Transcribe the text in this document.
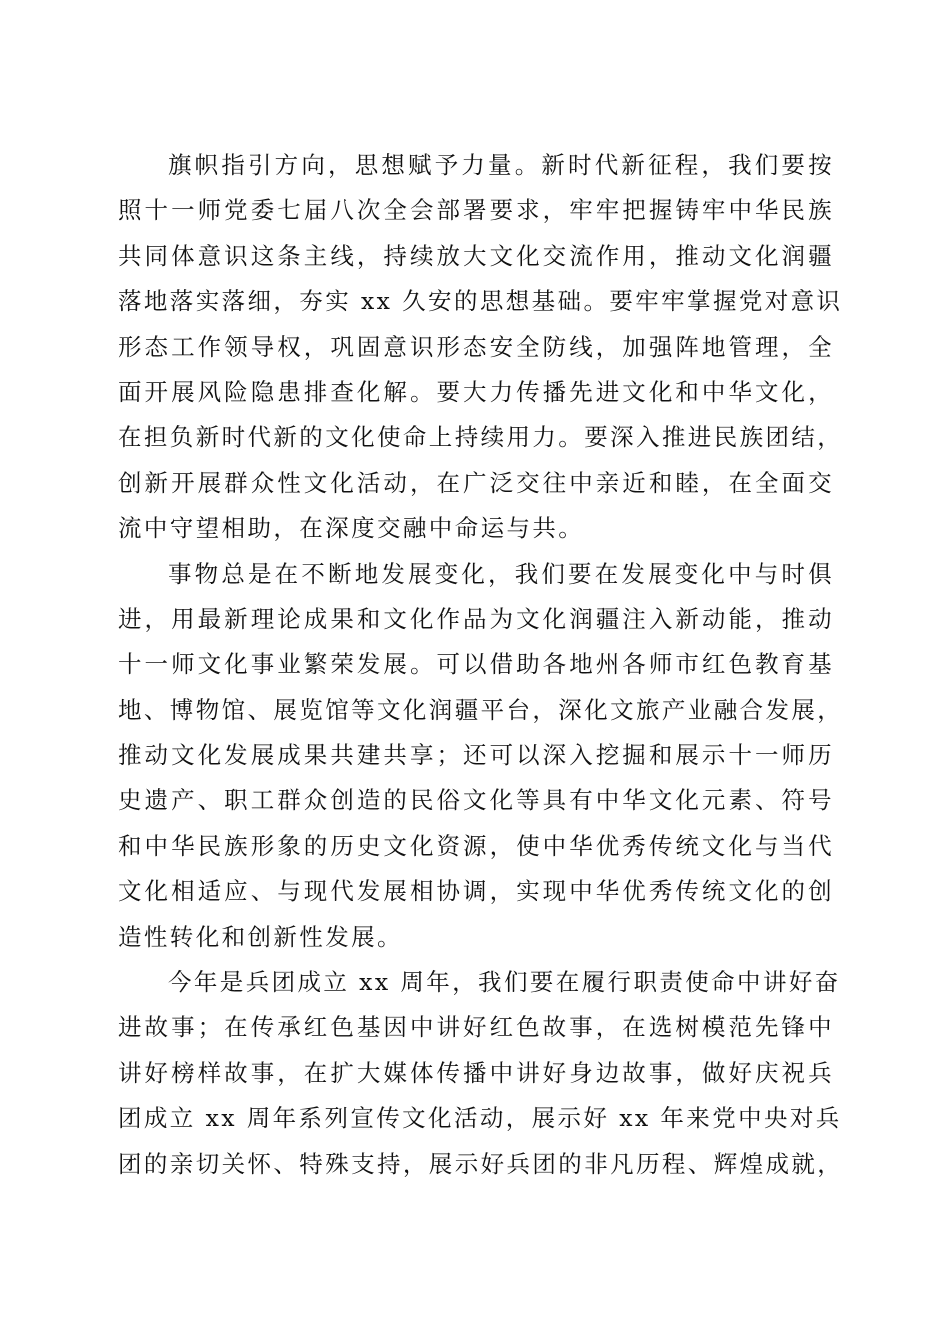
旗帜指引方向，思想赋予力量。新时代新征程，我们要按
照十一师党委七届八次全会部署要求，牢牢把握铸牢中华民族
共同体意识这条主线，持续放大文化交流作用，推动文化润疆
落地落实落细，夯实 xx 久安的思想基础。要牢牢掌握党对意识
形态工作领导权，巩固意识形态安全防线，加强阵地管理，全
面开展风险隐患排查化解。要大力传播先进文化和中华文化，
在担负新时代新的文化使命上持续用力。要深入推进民族团结，
创新开展群众性文化活动，在广泛交往中亲近和睦，在全面交
流中守望相助，在深度交融中命运与共。
事物总是在不断地发展变化，我们要在发展变化中与时俱
进，用最新理论成果和文化作品为文化润疆注入新动能，推动
十一师文化事业繁荣发展。可以借助各地州各师市红色教育基
地、博物馆、展览馆等文化润疆平台，深化文旅产业融合发展，
推动文化发展成果共建共享；还可以深入挖掘和展示十一师历
史遗产、职工群众创造的民俗文化等具有中华文化元素、符号
和中华民族形象的历史文化资源，使中华优秀传统文化与当代
文化相适应、与现代发展相协调，实现中华优秀传统文化的创
造性转化和创新性发展。
今年是兵团成立 xx 周年，我们要在履行职责使命中讲好奋
进故事；在传承红色基因中讲好红色故事，在选树模范先锋中
讲好榜样故事，在扩大媒体传播中讲好身边故事，做好庆祝兵
团成立 xx 周年系列宣传文化活动，展示好 xx 年来党中央对兵
团的亲切关怀、特殊支持，展示好兵团的非凡历程、辉煌成就，
